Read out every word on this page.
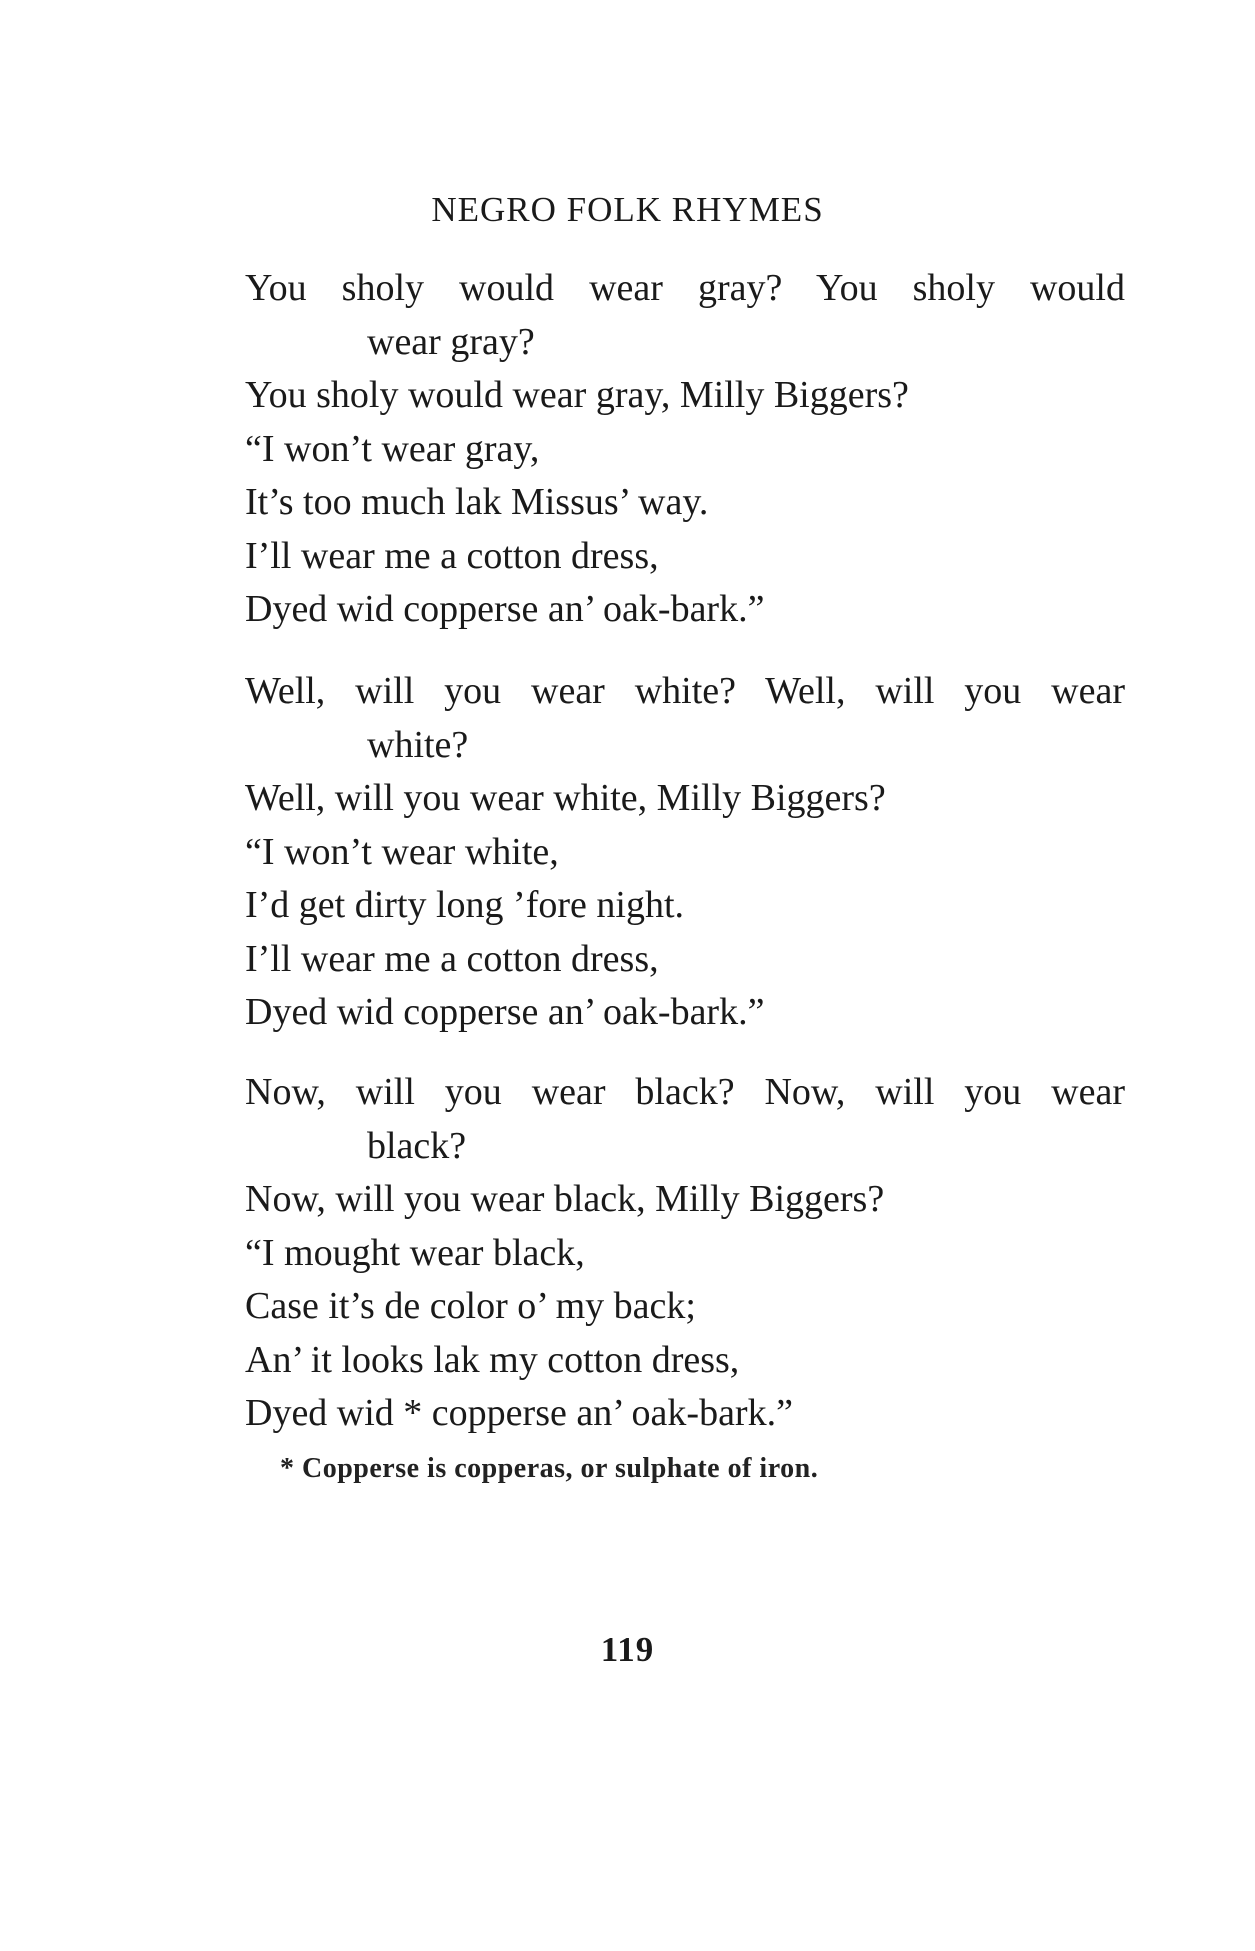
NEGRO FOLK RHYMES
You sholy would wear gray? You sholy would
wear gray?
You sholy would wear gray, Milly Biggers?
“I won’t wear gray,
It’s too much lak Missus’ way.
I’ll wear me a cotton dress,
Dyed wid copperse an’ oak-bark.”
Well, will you wear white? Well, will you wear
white?
Well, will you wear white, Milly Biggers?
“I won’t wear white,
I’d get dirty long ’fore night.
I’ll wear me a cotton dress,
Dyed wid copperse an’ oak-bark.”
Now, will you wear black? Now, will you wear
black?
Now, will you wear black, Milly Biggers?
“I mought wear black,
Case it’s de color o’ my back;
An’ it looks lak my cotton dress,
Dyed wid * copperse an’ oak-bark.”
* Copperse is copperas, or sulphate of iron.
119
